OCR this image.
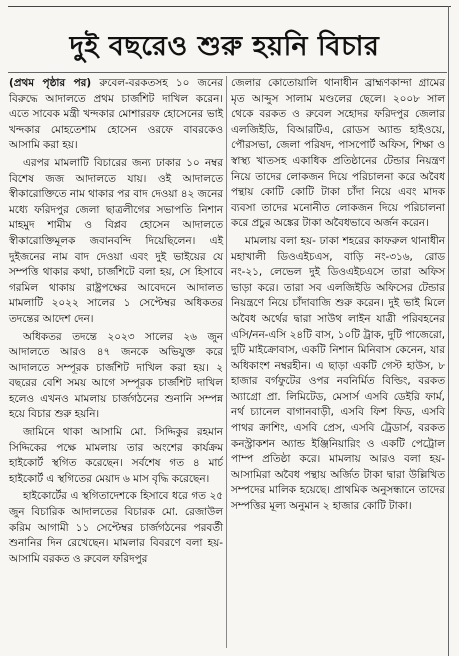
দুই বছরেও শুরু হয়নি বিচার

(প্রথম পৃষ্ঠার পর) রুবেল-বরকতসহ ১০ জনের বিরুদ্ধে আদালতে প্রথম চার্জশিট দাখিল করেন। এতে সাবেক মন্ত্রী খন্দকার মোশাররফ হোসেনের ভাই খন্দকার মোহতেশাম হোসেন ওরফে বাবরকেও আসামি করা হয়।

এরপর মামলাটি বিচারের জন্য ঢাকার ১০ নম্বর বিশেষ জজ আদালতে যায়। ওই আদালতে স্বীকারোক্তিতে নাম থাকার পর বাদ দেওয়া ৪২ জনের মধ্যে ফরিদপুর জেলা ছাত্রলীগের সভাপতি নিশান মাহমুদ শামীম ও বিপ্লব হোসেন আদালতে স্বীকারোক্তিমূলক জবানবন্দি দিয়েছিলেন। এই দুইজনের নাম বাদ দেওয়া এবং দুই ভাইয়ের যে সম্পত্তি থাকার কথা, চার্জশিটে বলা হয়, সে হিসাবে গরমিল থাকায় রাষ্ট্রপক্ষের আবেদনে আদালত মামলাটি ২০২২ সালের ১ সেপ্টেম্বর অধিকতর তদন্তের আদেশ দেন।

অধিকতর তদন্তে ২০২৩ সালের ২৬ জুন আদালতে আরও ৪৭ জনকে অভিযুক্ত করে আদালতে সম্পূরক চার্জশিট দাখিল করা হয়। ২ বছরের বেশি সময় আগে সম্পূরক চার্জশিট দাখিল হলেও এখনও মামলায় চার্জগঠনের শুনানি সম্পন্ন হয়ে বিচার শুরু হয়নি।

জামিনে থাকা আসামি মো. সিদ্দিকুর রহমান সিদ্দিকের পক্ষে মামলায় তার অংশের কার্যক্রম হাইকোর্ট স্থগিত করেছেন। সর্বশেষ গত ৪ মার্চ হাইকোর্ট এ স্থগিতের মেয়াদ ৬ মাস বৃদ্ধি করেছেন।

হাইকোর্টের এ স্থগিতাদেশকে হিসাবে ধরে গত ২৫ জুন বিচারিক আদালতের বিচারক মো. রেজাউল করিম আগামী ১১ সেপ্টেম্বর চার্জগঠনের পরবর্তী শুনানির দিন রেখেছেন। মামলার বিবরণে বলা হয়- আসামি বরকত ও রুবেল ফরিদপুর

জেলার কোতোয়ালি থানাধীন ব্রাহ্মণকান্দা গ্রামের মৃত আব্দুস সালাম মণ্ডলের ছেলে। ২০০৮ সাল থেকে বরকত ও রুবেল সহোদর ফরিদপুর জেলার এলজিইডি, বিআরটিএ, রোডস অ্যান্ড হাইওয়ে, পৌরসভা, জেলা পরিষদ, পাসপোর্ট অফিস, শিক্ষা ও স্বাস্থ্য খাতসহ একাধিক প্রতিষ্ঠানের টেন্ডার নিয়ন্ত্রণ নিয়ে তাদের লোকজন দিয়ে পরিচালনা করে অবৈধ পন্থায় কোটি কোটি টাকা চাঁদা নিয়ে এবং মাদক ব্যবসা তাদের মনোনীত লোকজন দিয়ে পরিচালনা করে প্রচুর অঙ্কের টাকা অবৈধভাবে অর্জন করেন।

মামলায় বলা হয়- ঢাকা শহরের কাফরুল থানাধীন মহাখালী ডিওএইচএস, বাড়ি নং-৩১৬, রোড নং-২১, লেভেল দুই ডিওএইচএসে তারা অফিস ভাড়া করে। তারা সব এলজিইডি অফিসের টেন্ডার নিয়ন্ত্রণে নিয়ে চাঁদাবাজি শুরু করেন। দুই ভাই মিলে অবৈধ অর্থের দ্বারা সাউথ লাইন যাত্রী পরিবহনের এসি/নন-এসি ২৪টি বাস, ১০টি ট্রাক, দুটি পাজেরো, দুটি মাইক্রোবাস, একটি নিশান মিনিবাস কেনেন, যার অধিকাংশ নম্বরহীন। এ ছাড়া একটি গেস্ট হাউস, ৮ হাজার বর্গফুটের ওপর নবনির্মিত বিল্ডিং, বরকত অ্যাগ্রো প্রা. লিমিটেড, মেসার্স এসবি ডেইরি ফার্ম, নর্থ চ্যানেল বাগানবাড়ী, এসবি ফিশ ফিড, এসবি পাথর ক্রাশিং, এসবি প্রেস, এসবি ট্রেডার্স, বরকত কনস্ট্রাকশন অ্যান্ড ইঞ্জিনিয়ারিং ও একটি পেট্রোল পাম্প প্রতিষ্ঠা করে। মামলায় আরও বলা হয়- আসামিরা অবৈধ পন্থায় অর্জিত টাকা দ্বারা উল্লিখিত সম্পদের মালিক হয়েছে। প্রাথমিক অনুসন্ধানে তাদের সম্পত্তির মূল্য অনুমান ২ হাজার কোটি টাকা।
